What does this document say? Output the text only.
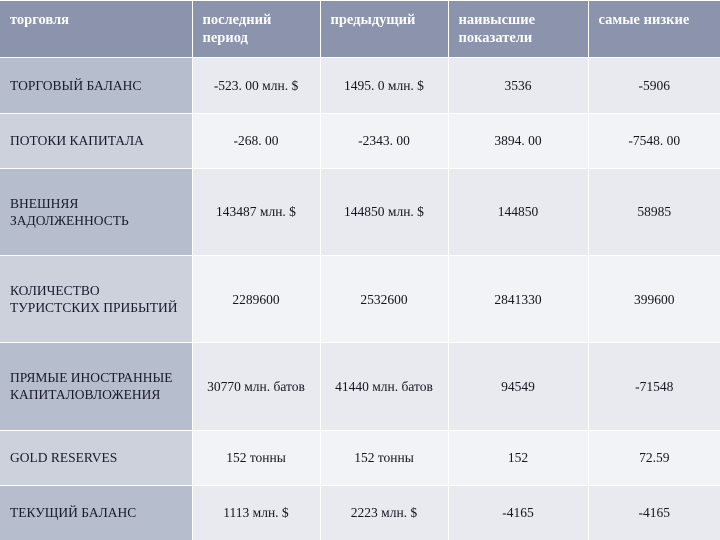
торговля	последний период	предыдущий	наивысшие показатели	самые низкие
ТОРГОВЫЙ БАЛАНС	-523. 00 млн. $	1495. 0 млн. $	3536	-5906
ПОТОКИ КАПИТАЛА	-268. 00	-2343. 00	3894. 00	-7548. 00
ВНЕШНЯЯ ЗАДОЛЖЕННОСТЬ	143487 млн. $	144850 млн. $	144850	58985
КОЛИЧЕСТВО ТУРИСТСКИХ ПРИБЫТИЙ	2289600	2532600	2841330	399600
ПРЯМЫЕ ИНОСТРАННЫЕ КАПИТАЛОВЛОЖЕНИЯ	30770 млн. батов	41440 млн. батов	94549	-71548
GOLD RESERVES	152 тонны	152 тонны	152	72.59
ТЕКУЩИЙ БАЛАНС	1113 млн. $	2223 млн. $	-4165	-4165
